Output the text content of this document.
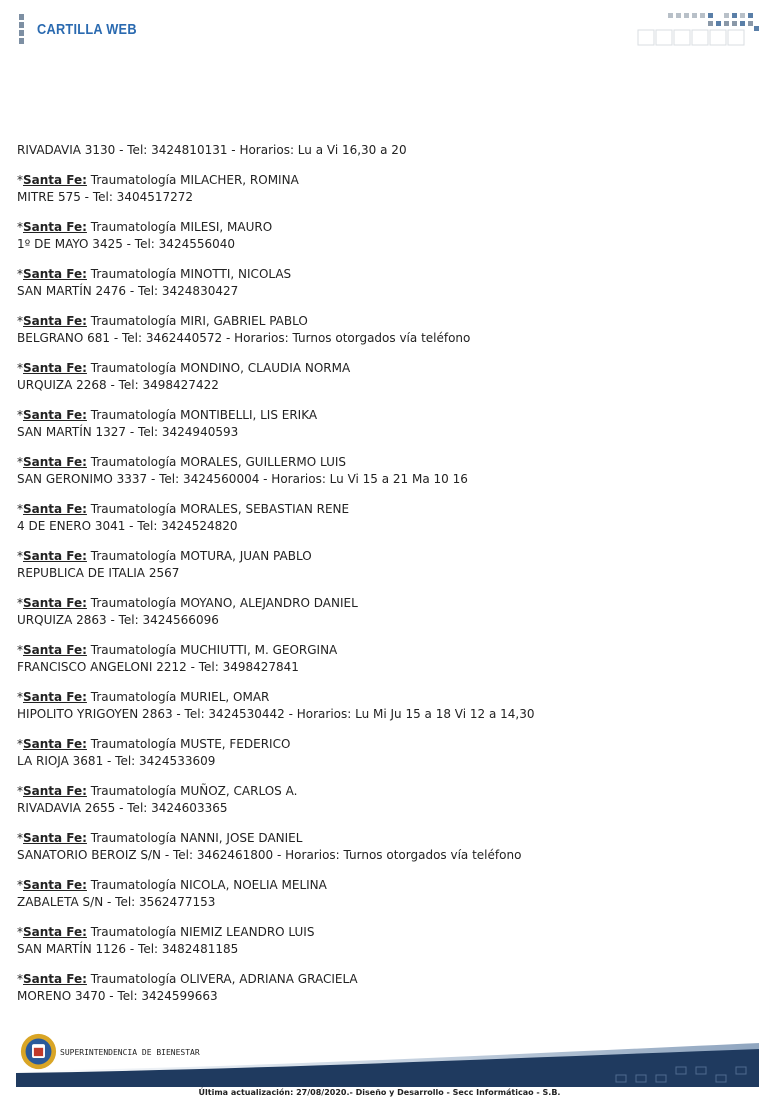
CARTILLA WEB
RIVADAVIA 3130 - Tel: 3424810131 - Horarios: Lu a Vi 16,30 a 20
*Santa Fe: Traumatología MILACHER, ROMINA
MITRE 575 - Tel: 3404517272
*Santa Fe: Traumatología MILESI, MAURO
1º DE MAYO 3425 - Tel: 3424556040
*Santa Fe: Traumatología MINOTTI, NICOLAS
SAN MARTÍN 2476 - Tel: 3424830427
*Santa Fe: Traumatología MIRI, GABRIEL PABLO
BELGRANO 681 - Tel: 3462440572 - Horarios: Turnos otorgados vía teléfono
*Santa Fe: Traumatología MONDINO, CLAUDIA NORMA
URQUIZA 2268 - Tel: 3498427422
*Santa Fe: Traumatología MONTIBELLI, LIS ERIKA
SAN MARTÍN 1327 - Tel: 3424940593
*Santa Fe: Traumatología MORALES, GUILLERMO LUIS
SAN GERONIMO 3337 - Tel: 3424560004 - Horarios: Lu Vi 15 a 21 Ma 10 16
*Santa Fe: Traumatología MORALES, SEBASTIAN RENE
4 DE ENERO 3041 - Tel: 3424524820
*Santa Fe: Traumatología MOTURA, JUAN PABLO
REPUBLICA DE ITALIA 2567
*Santa Fe: Traumatología MOYANO, ALEJANDRO DANIEL
URQUIZA 2863 - Tel: 3424566096
*Santa Fe: Traumatología MUCHIUTTI, M. GEORGINA
FRANCISCO ANGELONI 2212 - Tel: 3498427841
*Santa Fe: Traumatología MURIEL, OMAR
HIPOLITO YRIGOYEN 2863 - Tel: 3424530442 - Horarios: Lu Mi Ju 15 a 18 Vi 12 a 14,30
*Santa Fe: Traumatología MUSTE, FEDERICO
LA RIOJA 3681 - Tel: 3424533609
*Santa Fe: Traumatología MUÑOZ, CARLOS A.
RIVADAVIA 2655 - Tel: 3424603365
*Santa Fe: Traumatología NANNI, JOSE DANIEL
SANATORIO BEROIZ S/N - Tel: 3462461800 - Horarios: Turnos otorgados vía teléfono
*Santa Fe: Traumatología NICOLA, NOELIA MELINA
ZABALETA S/N - Tel: 3562477153
*Santa Fe: Traumatología NIEMIZ LEANDRO LUIS
SAN MARTÍN 1126 - Tel: 3482481185
*Santa Fe: Traumatología OLIVERA, ADRIANA GRACIELA
MORENO 3470 - Tel: 3424599663
SUPERINTENDENCIA DE BIENESTAR
Última actualización: 27/08/2020.- Diseño y Desarrollo - Secc Informáticao - S.B.
